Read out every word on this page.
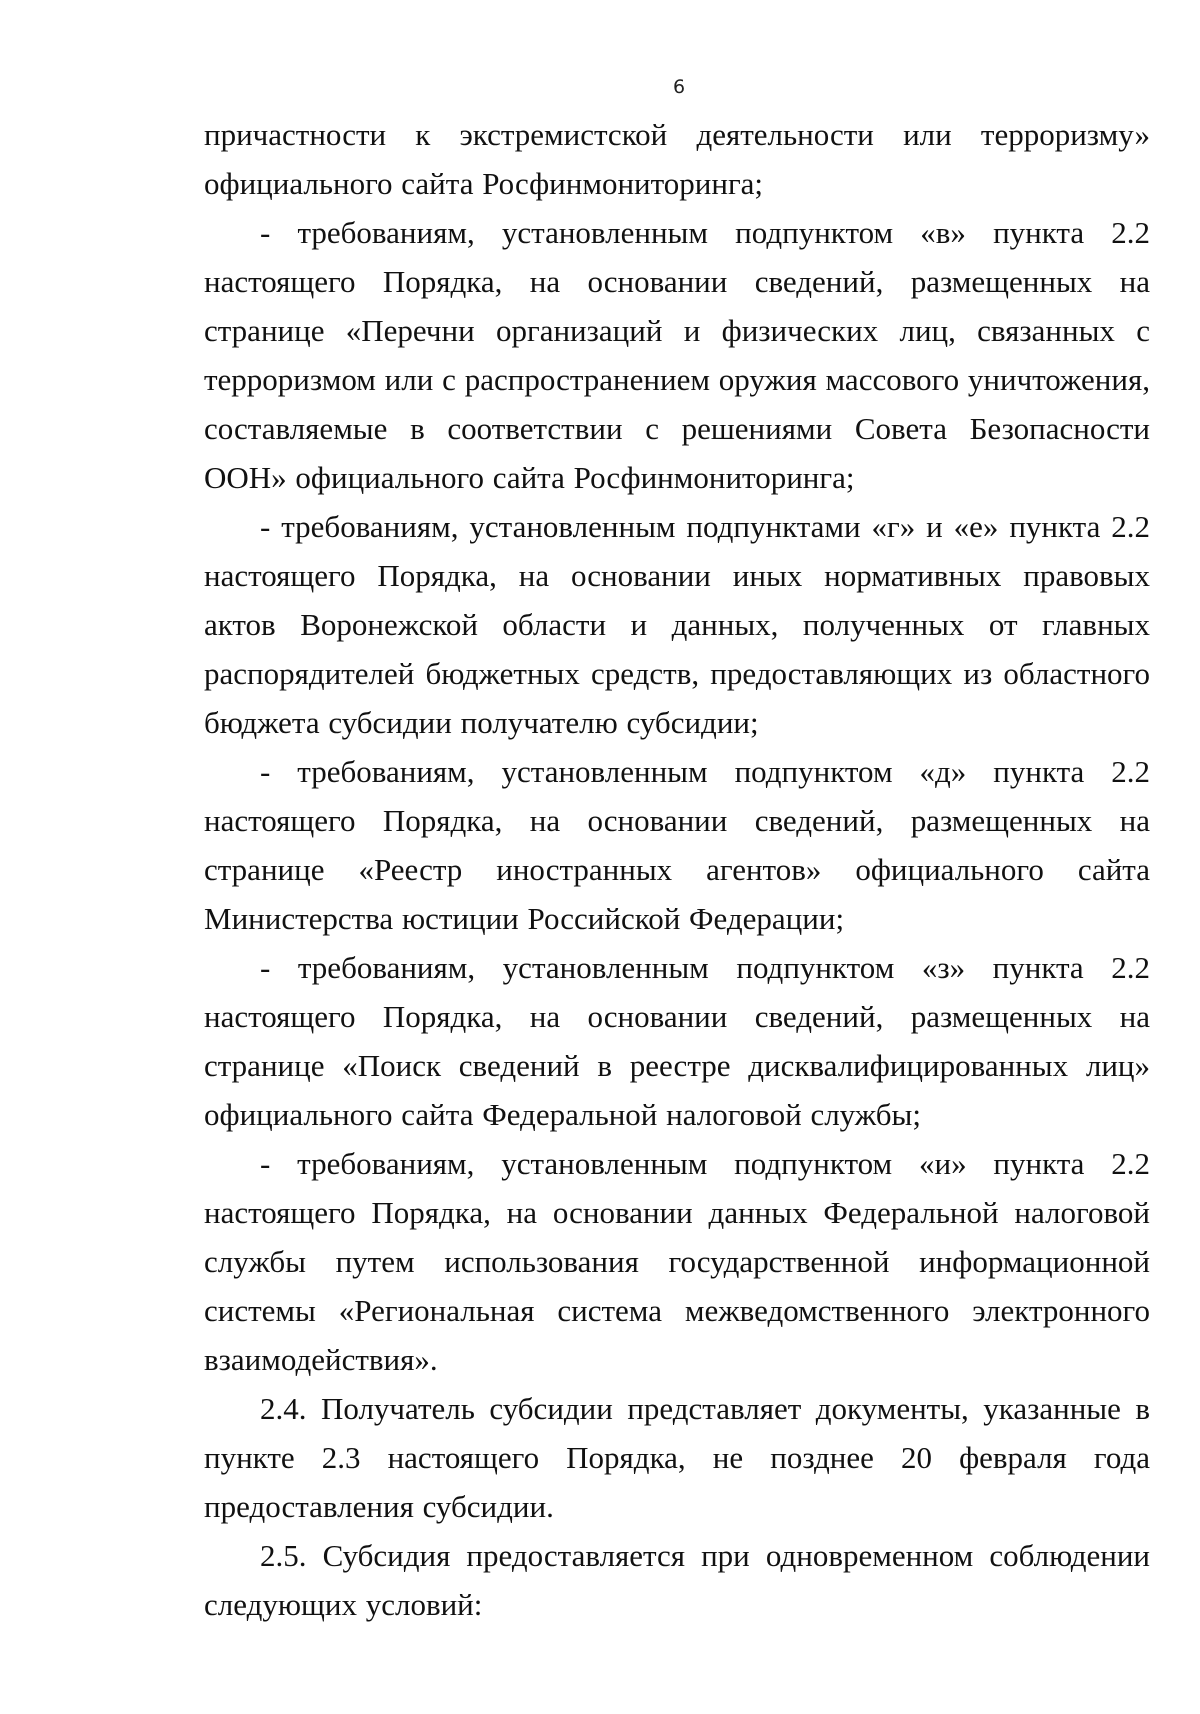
6

причастности к экстремистской деятельности или терроризму» официального сайта Росфинмониторинга;

- требованиям, установленным подпунктом «в» пункта 2.2 настоящего Порядка, на основании сведений, размещенных на странице «Перечни организаций и физических лиц, связанных с терроризмом или с распространением оружия массового уничтожения, составляемые в соответствии с решениями Совета Безопасности ООН» официального сайта Росфинмониторинга;

- требованиям, установленным подпунктами «г» и «е» пункта 2.2 настоящего Порядка, на основании иных нормативных правовых актов Воронежской области и данных, полученных от главных распорядителей бюджетных средств, предоставляющих из областного бюджета субсидии получателю субсидии;

- требованиям, установленным подпунктом «д» пункта 2.2 настоящего Порядка, на основании сведений, размещенных на странице «Реестр иностранных агентов» официального сайта Министерства юстиции Российской Федерации;

- требованиям, установленным подпунктом «з» пункта 2.2 настоящего Порядка, на основании сведений, размещенных на странице «Поиск сведений в реестре дисквалифицированных лиц» официального сайта Федеральной налоговой службы;

- требованиям, установленным подпунктом «и» пункта 2.2 настоящего Порядка, на основании данных Федеральной налоговой службы путем использования государственной информационной системы «Региональная система межведомственного электронного взаимодействия».

2.4. Получатель субсидии представляет документы, указанные в пункте 2.3 настоящего Порядка, не позднее 20 февраля года предоставления субсидии.

2.5. Субсидия предоставляется при одновременном соблюдении следующих условий:
